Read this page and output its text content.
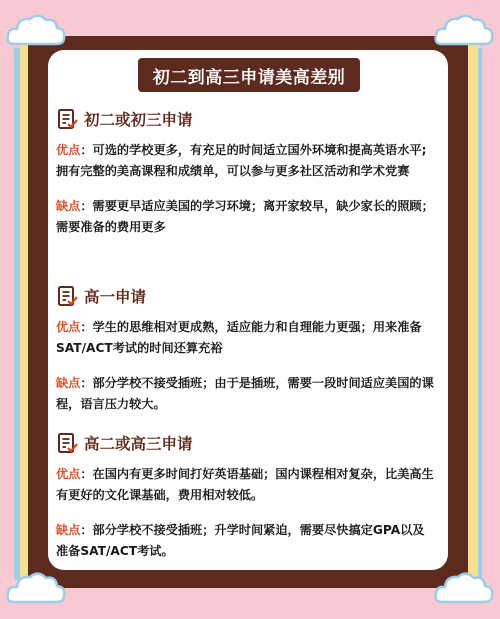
初二到高三申请美高差别
初二或初三申请

优点：可选的学校更多，有充足的时间适立国外环境和提高英语水平;拥有完整的美高课程和成绩单，可以参与更多社区活动和学术党赛

缺点：需要更早适应美国的学习环境；离开家较早，缺少家长的照顾；需要准备的费用更多

高一申请

优点：学生的思维相对更成熟，适应能力和自理能力更强；用来准备SAT/ACT考试的时间还算充裕

缺点：部分学校不接受插班；由于是插班，需要一段时间适应美国的课程，语言压力较大。

高二或高三申请

优点：在国内有更多时间打好英语基础；国内课程相对复杂，比美高生有更好的文化课基础，费用相对较低。

缺点：部分学校不接受插班；升学时间紧迫，需要尽快搞定GPA以及准备SAT/ACT考试。
